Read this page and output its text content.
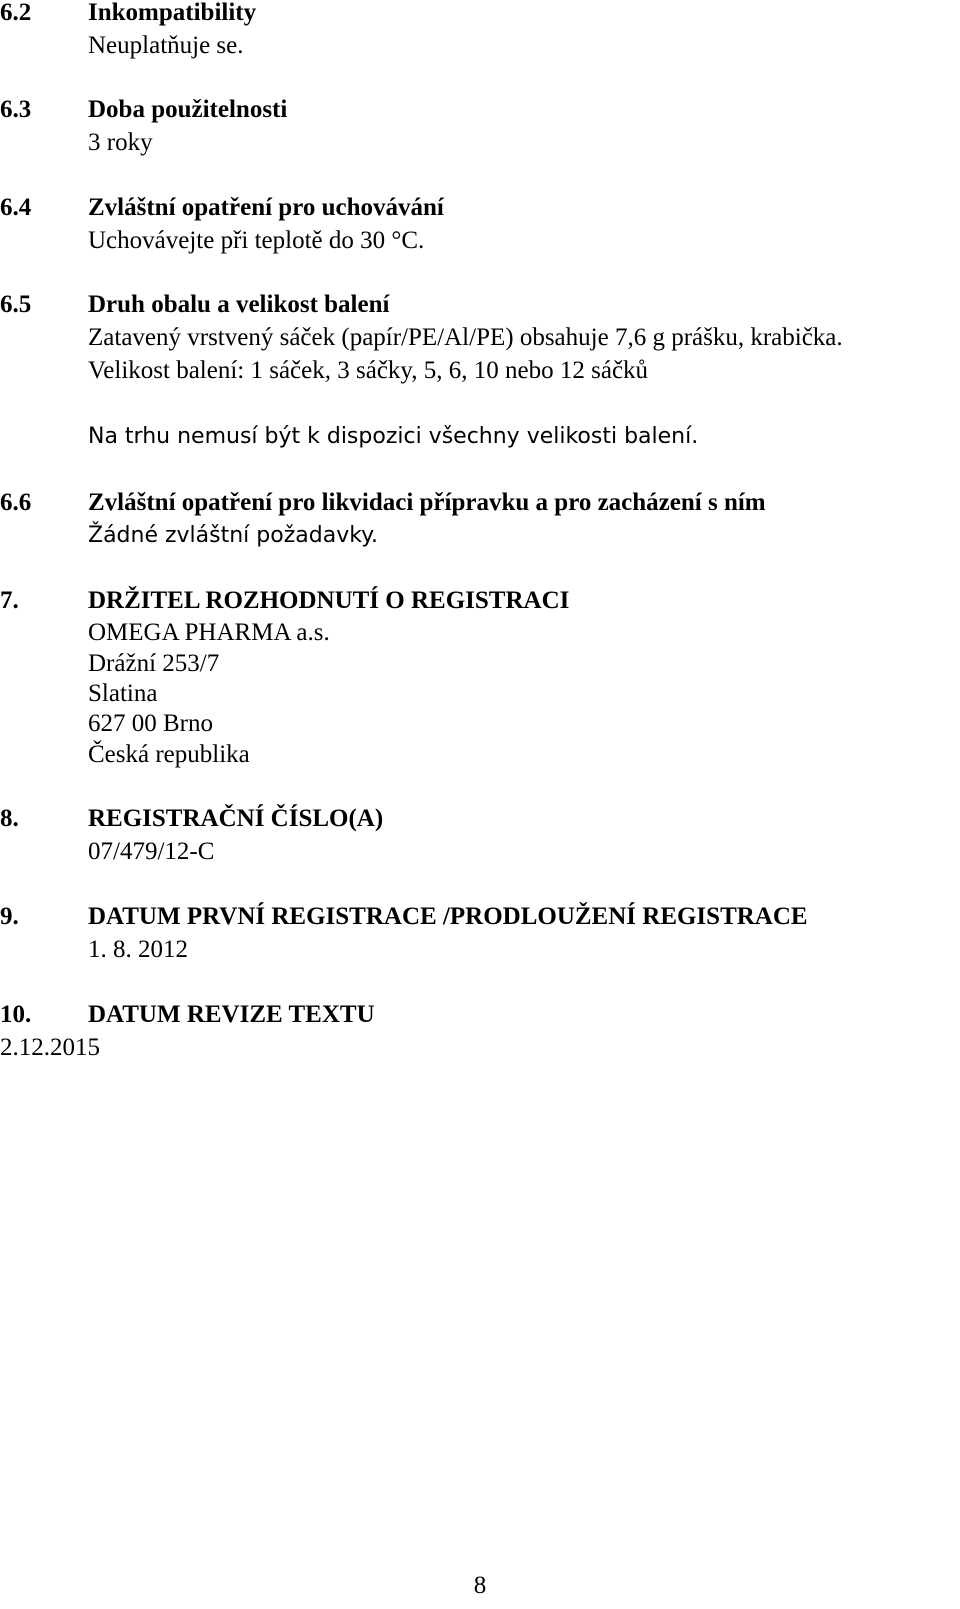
6.2 Inkompatibility
Neuplatňuje se.
6.3 Doba použitelnosti
3 roky
6.4 Zvláštní opatření pro uchovávání
Uchovávejte při teplotě do 30 °C.
6.5 Druh obalu a velikost balení
Zatavený vrstvený sáček (papír/PE/Al/PE) obsahuje 7,6 g prášku, krabička.
Velikost balení: 1 sáček, 3 sáčky, 5, 6, 10 nebo 12 sáčků
Na trhu nemusí být k dispozici všechny velikosti balení.
6.6 Zvláštní opatření pro likvidaci přípravku a pro zacházení s ním
Žádné zvláštní požadavky.
7.	DRŽITEL ROZHODNUTÍ O REGISTRACI
OMEGA PHARMA a.s.
Drážní 253/7
Slatina
627 00 Brno
Česká republika
8.	REGISTRAČNÍ ČÍSLO(A)
07/479/12-C
9.	DATUM PRVNÍ REGISTRACE /PRODLOUŽENÍ REGISTRACE
1. 8. 2012
10. DATUM REVIZE TEXTU
2.12.2015
8
